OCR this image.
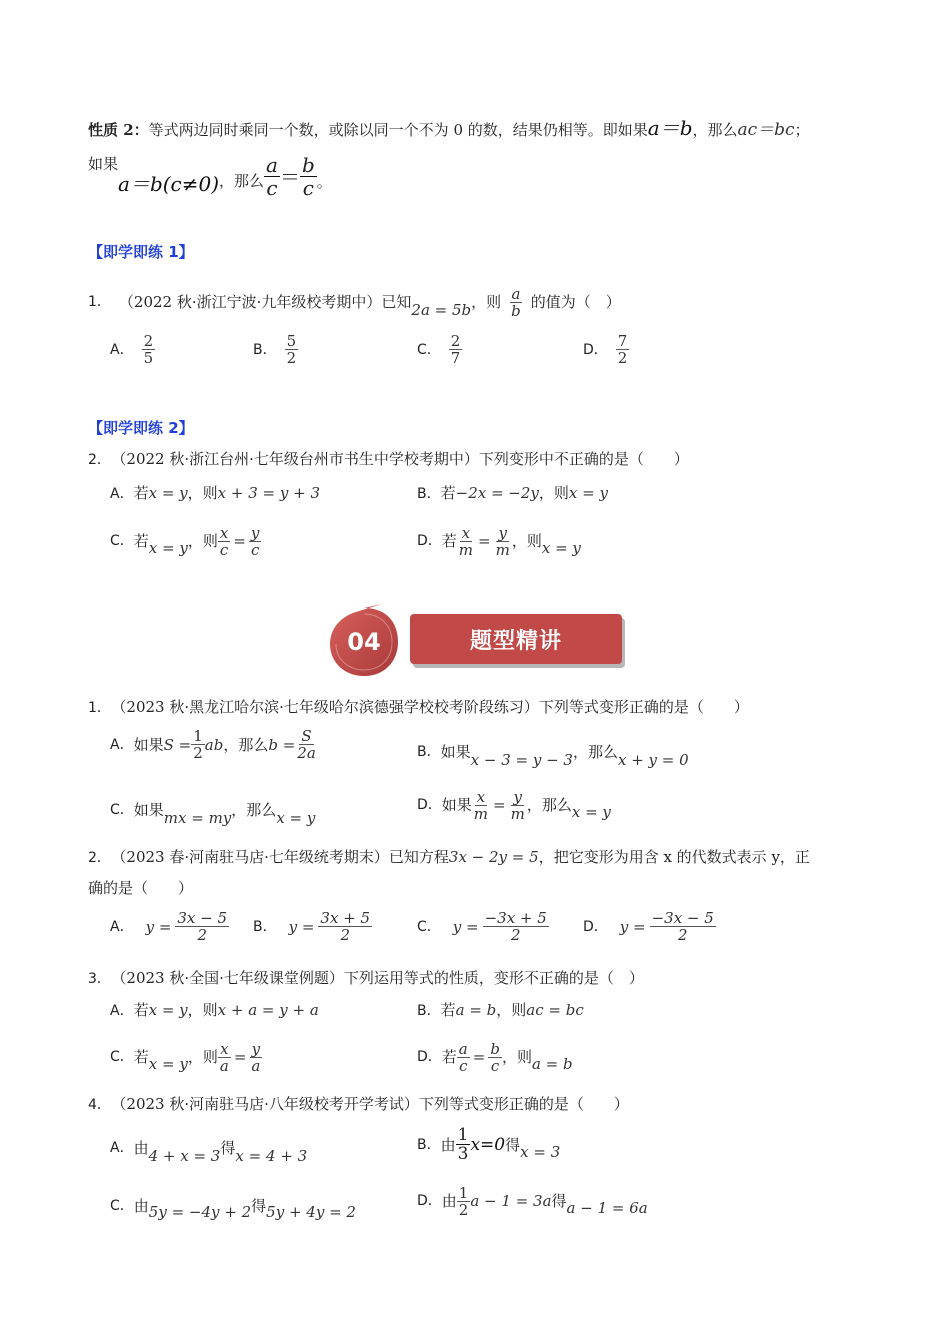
性质 2：等式两边同时乘同一个数，或除以同一个不为 0 的数，结果仍相等。即如果a＝b，那么ac＝bc；
如果
a＝b(c≠0) ，那么
a
c ＝ b
c 。
【即学即练 1】
1． （2022 秋·浙江宁波·九年级校考期中）已知 2a = 5b ，则 $\frac{a}{b}$ 的值为（　）
A． $\frac{2}{5}$	B． $\frac{5}{2}$	C． $\frac{2}{7}$	D． $\frac{7}{2}$
【即学即练 2】
2． （2022 秋·浙江台州·七年级台州市书生中学校考期中）下列变形中不正确的是（　　）
A．若x = y，则x + 3 = y + 3	B．若−2x = −2y，则x = y
C． 若 x = y ，则 $\frac{x}{c} = \frac{y}{c}$	D． 若 $\frac{x}{m} = \frac{y}{m}$ ，则 x = y
04	题型精讲
1． （2023 秋·黑龙江哈尔滨·七年级哈尔滨德强学校校考阶段练习）下列等式变形正确的是（　　）
A． 如果 $S = \frac{1}{2}$ ab ，那么 $b = \frac{S}{2a}$	B． 如果 x − 3 = y − 3 ，那么 x + y = 0
C． 如果 mx = my ，那么 x = y
D． 如果 $\frac{x}{m} = \frac{y}{m}$ ，那么 x = y
2． （2023 春·河南驻马店·七年级统考期末）已知方程3x − 2y = 5，把它变形为用含 x 的代数式表示 y，正
确的是（　　）
A． $y = \frac{3x - 5}{2}$ B． $y = \frac{3x + 5}{2}$	C． $y = \frac{-3x + 5}{2}$ D． $y = \frac{-3x - 5}{2}$
3． （2023 秋·全国·七年级课堂例题）下列运用等式的性质，变形不正确的是（　）
A．若x = y，则x + a = y + a	B．若a = b，则ac = bc
C． 若 x = y ，则 $\frac{x}{a} = \frac{y}{a}$	D． 若 $\frac{a}{c} = \frac{b}{c}$ ，则 a = b
4． （2023 秋·河南驻马店·八年级校考开学考试）下列等式变形正确的是（　　）
A． 由 4 + x = 3 得 x = 4 + 3
B． 由 1
3 x=0 得 x = 3
C． 由 5y = −4y + 2 得 5y + 4y = 2
D． 由 $\frac{1}{2}$ a − 1 = 3a 得 a − 1 = 6a
